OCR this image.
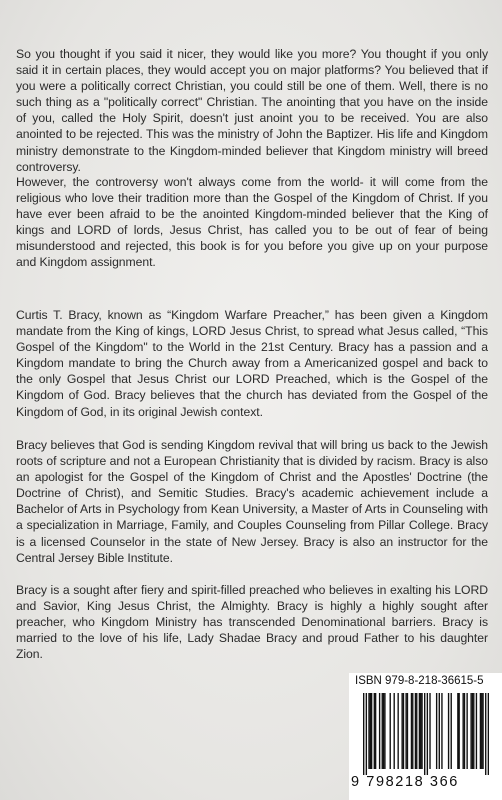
So you thought if you said it nicer, they would like you more? You thought if you only said it in certain places, they would accept you on major platforms? You believed that if you were a politically correct Christian, you could still be one of them. Well, there is no such thing as a "politically correct" Christian. The anointing that you have on the inside of you, called the Holy Spirit, doesn't just anoint you to be received. You are also anointed to be rejected. This was the ministry of John the Baptizer. His life and Kingdom ministry demonstrate to the Kingdom-minded believer that Kingdom ministry will breed controversy.

However, the controversy won't always come from the world- it will come from the religious who love their tradition more than the Gospel of the Kingdom of Christ. If you have ever been afraid to be the anointed Kingdom-minded believer that the King of kings and LORD of lords, Jesus Christ, has called you to be out of fear of being misunderstood and rejected, this book is for you before you give up on your purpose and Kingdom assignment.

Curtis T. Bracy, known as “Kingdom Warfare Preacher,” has been given a Kingdom mandate from the King of kings, LORD Jesus Christ, to spread what Jesus called, “This Gospel of the Kingdom" to the World in the 21st Century. Bracy has a passion and a Kingdom mandate to bring the Church away from a Americanized gospel and back to the only Gospel that Jesus Christ our LORD Preached, which is the Gospel of the Kingdom of God. Bracy believes that the church has deviated from the Gospel of the Kingdom of God, in its original Jewish context.

Bracy believes that God is sending Kingdom revival that will bring us back to the Jewish roots of scripture and not a European Christianity that is divided by racism. Bracy is also an apologist for the Gospel of the Kingdom of Christ and the Apostles' Doctrine (the Doctrine of Christ), and Semitic Studies. Bracy's academic achievement include a Bachelor of Arts in Psychology from Kean University, a Master of Arts in Counseling with a specialization in Marriage, Family, and Couples Counseling from Pillar College. Bracy is a licensed Counselor in the state of New Jersey. Bracy is also an instructor for the Central Jersey Bible Institute.

Bracy is a sought after fiery and spirit-filled preached who believes in exalting his LORD and Savior, King Jesus Christ, the Almighty. Bracy is highly a highly sought after preacher, who Kingdom Ministry has transcended Denominational barriers. Bracy is married to the love of his life, Lady Shadae Bracy and proud Father to his daughter Zion.

ISBN 979-8-218-36615-5
9 798218 366
